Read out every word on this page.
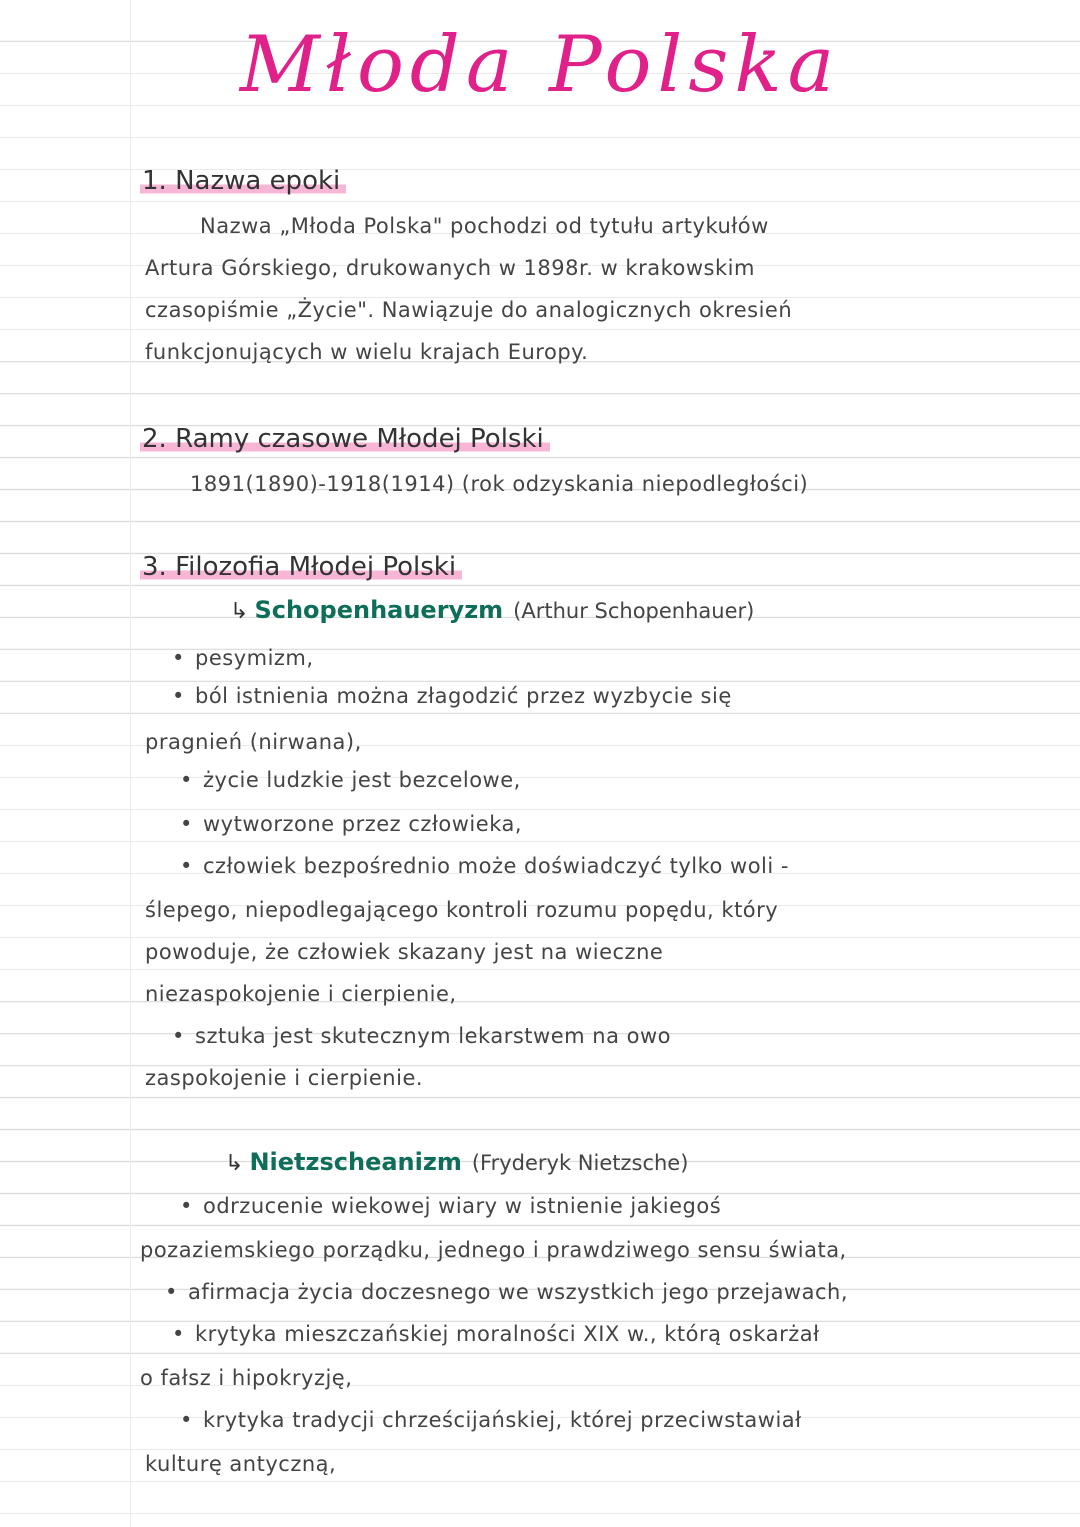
Młoda Polska
1. Nazwa epoki
Nazwa „Młoda Polska" pochodzi od tytułu artykułów
Artura Górskiego, drukowanych w 1898r. w krakowskim
czasopiśmie „Życie". Nawiązuje do analogicznych okresień
funkcjonujących w wielu krajach Europy.
2. Ramy czasowe Młodej Polski
1891(1890)-1918(1914) (rok odzyskania niepodległości)
3. Filozofia Młodej Polski
↳ Schopenhaueryzm (Arthur Schopenhauer)
• pesymizm,
• ból istnienia można złagodzić przez wyzbycie się
pragnień (nirwana),
• życie ludzkie jest bezcelowe,
• wytworzone przez człowieka,
• człowiek bezpośrednio może doświadczyć tylko woli -
ślepego, niepodlegającego kontroli rozumu popędu, który
powoduje, że człowiek skazany jest na wieczne
niezaspokojenie i cierpienie,
• sztuka jest skutecznym lekarstwem na owo
zaspokojenie i cierpienie.
↳ Nietzscheanizm (Fryderyk Nietzsche)
• odrzucenie wiekowej wiary w istnienie jakiegoś
pozaziemskiego porządku, jednego i prawdziwego sensu świata,
• afirmacja życia doczesnego we wszystkich jego przejawach,
• krytyka mieszczańskiej moralności XIX w., którą oskarżał
o fałsz i hipokryzję,
• krytyka tradycji chrześcijańskiej, której przeciwstawiał
kulturę antyczną,
